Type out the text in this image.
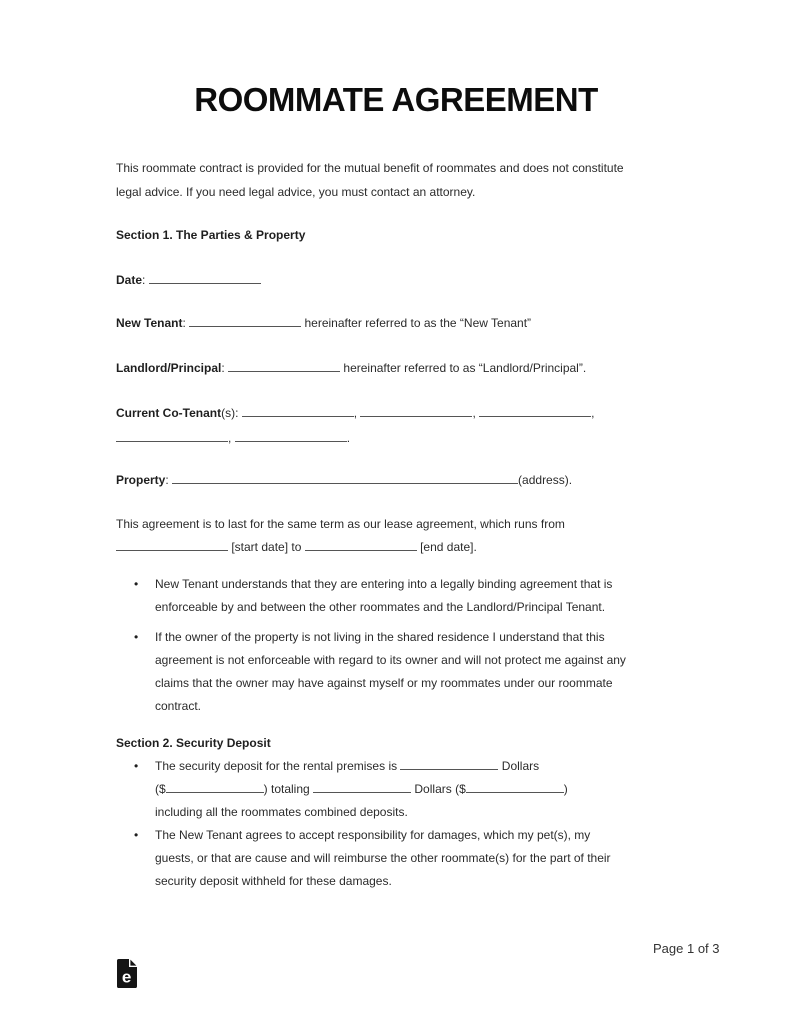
ROOMMATE AGREEMENT

This roommate contract is provided for the mutual benefit of roommates and does not constitute
legal advice. If you need legal advice, you must contact an attorney.

Section 1. The Parties & Property

Date:

New Tenant:	hereinafter referred to as the “New Tenant”

Landlord/Principal:	hereinafter referred to as “Landlord/Principal”.

Current Co-Tenant(s):	,	,	,
,	.

Property:	(address).

This agreement is to last for the same term as our lease agreement, which runs from
[start date] to	[end date].

• New Tenant understands that they are entering into a legally binding agreement that is
enforceable by and between the other roommates and the Landlord/Principal Tenant.
• If the owner of the property is not living in the shared residence I understand that this
agreement is not enforceable with regard to its owner and will not protect me against any
claims that the owner may have against myself or my roommates under our roommate
contract.
Section 2. Security Deposit
• The security deposit for the rental premises is	Dollars
($	) totaling	Dollars ($	)
including all the roommates combined deposits.
• The New Tenant agrees to accept responsibility for damages, which my pet(s), my
guests, or that are cause and will reimburse the other roommate(s) for the part of their
security deposit withheld for these damages.
Page 1 of 3
e
